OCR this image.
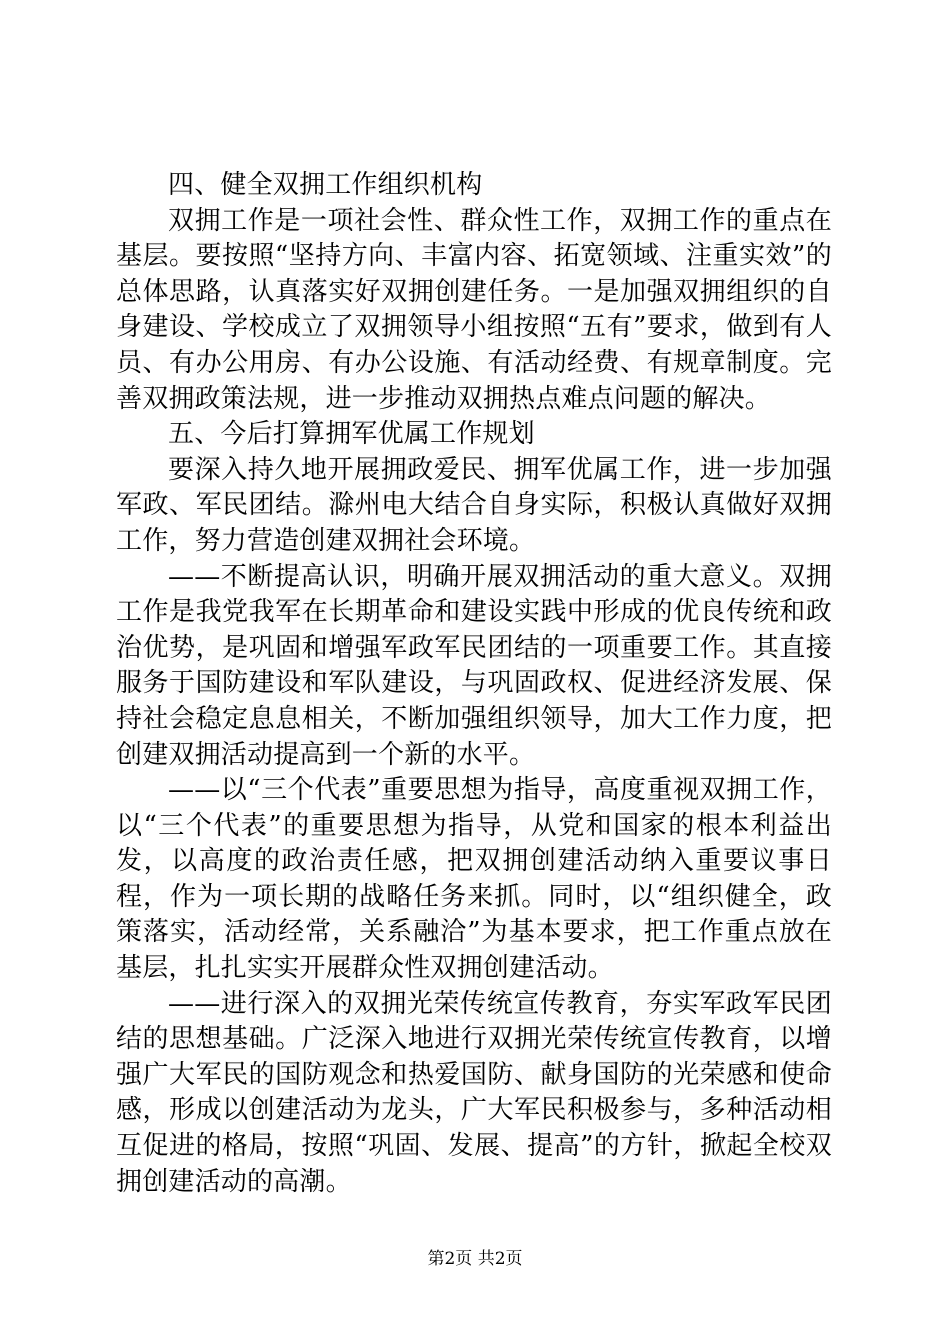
四、健全双拥工作组织机构

双拥工作是一项社会性、群众性工作，双拥工作的重点在基层。要按照“坚持方向、丰富内容、拓宽领域、注重实效”的总体思路，认真落实好双拥创建任务。一是加强双拥组织的自身建设、学校成立了双拥领导小组按照“五有”要求，做到有人员、有办公用房、有办公设施、有活动经费、有规章制度。完善双拥政策法规，进一步推动双拥热点难点问题的解决。

五、今后打算拥军优属工作规划

要深入持久地开展拥政爱民、拥军优属工作，进一步加强军政、军民团结。滁州电大结合自身实际，积极认真做好双拥工作，努力营造创建双拥社会环境。

——不断提高认识，明确开展双拥活动的重大意义。双拥工作是我党我军在长期革命和建设实践中形成的优良传统和政治优势，是巩固和增强军政军民团结的一项重要工作。其直接服务于国防建设和军队建设，与巩固政权、促进经济发展、保持社会稳定息息相关，不断加强组织领导，加大工作力度，把创建双拥活动提高到一个新的水平。

——以“三个代表”重要思想为指导，高度重视双拥工作，以“三个代表”的重要思想为指导，从党和国家的根本利益出发，以高度的政治责任感，把双拥创建活动纳入重要议事日程，作为一项长期的战略任务来抓。同时，以“组织健全，政策落实，活动经常，关系融洽”为基本要求，把工作重点放在基层，扎扎实实开展群众性双拥创建活动。

——进行深入的双拥光荣传统宣传教育，夯实军政军民团结的思想基础。广泛深入地进行双拥光荣传统宣传教育，以增强广大军民的国防观念和热爱国防、献身国防的光荣感和使命感，形成以创建活动为龙头，广大军民积极参与，多种活动相互促进的格局，按照“巩固、发展、提高”的方针，掀起全校双拥创建活动的高潮。

第2页 共2页
